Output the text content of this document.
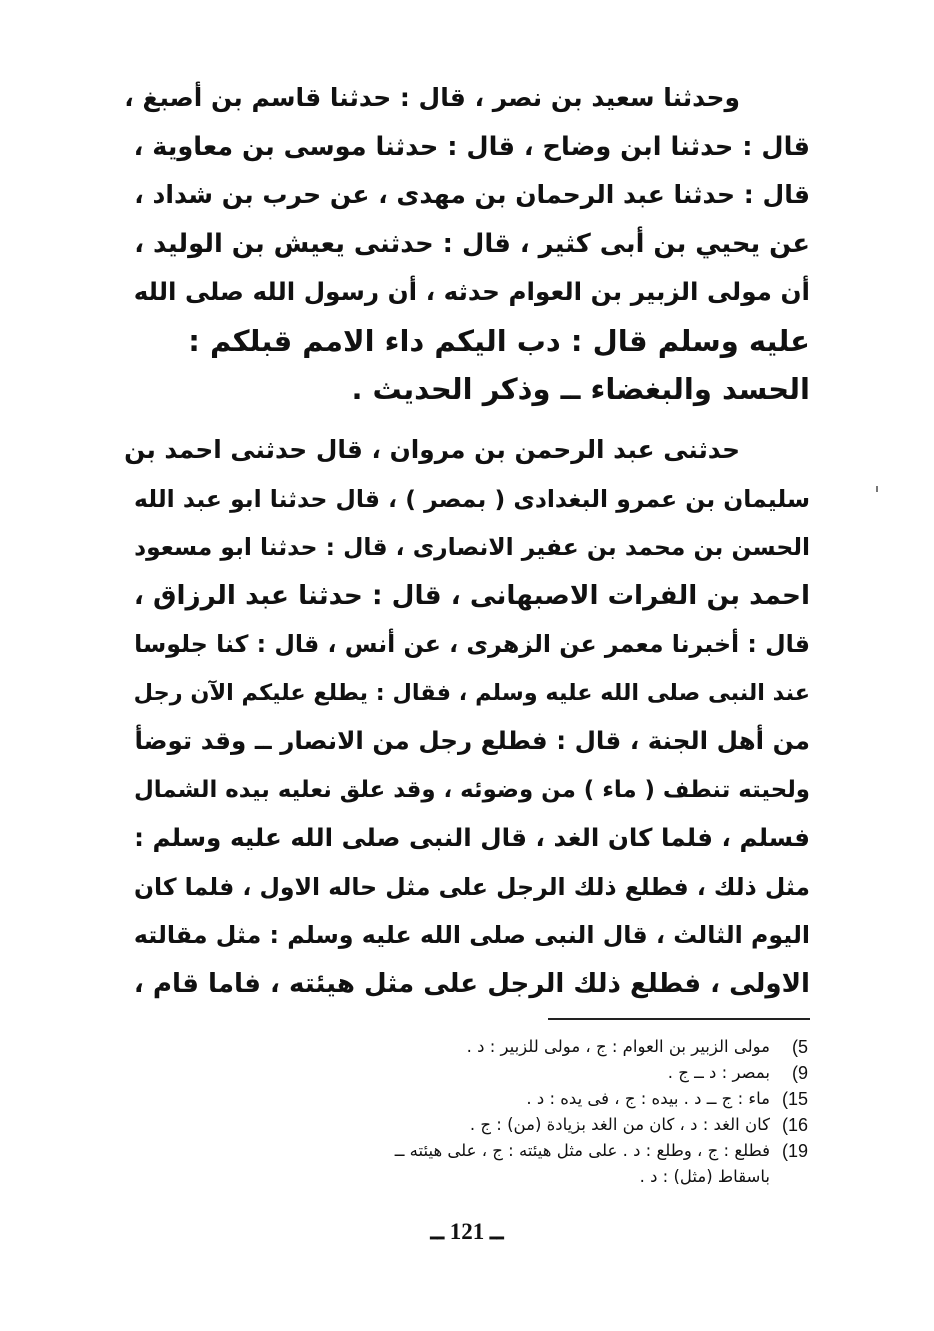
وحدثنا سعيد بن نصر ، قال : حدثنا قاسم بن أصبغ ،
قال : حدثنا ابن وضاح ، قال : حدثنا موسى بن معاوية ،
قال : حدثنا عبد الرحمان بن مهدى ، عن حرب بن شداد ،
عن يحيي بن أبى كثير ، قال : حدثنى يعيش بن الوليد ،
أن مولى الزبير بن العوام حدثه ، أن رسول الله صلى الله
عليه وسلم قال : دب اليكم داء الامم قبلكم :
الحسد والبغضاء ــ وذكر الحديث .
حدثنى عبد الرحمن بن مروان ، قال حدثنى احمد بن
سليمان بن عمرو البغدادى ( بمصر ) ، قال حدثنا ابو عبد الله
الحسن بن محمد بن عفير الانصارى ، قال : حدثنا ابو مسعود
احمد بن الفرات الاصبهانى ، قال : حدثنا عبد الرزاق ،
قال : أخبرنا معمر عن الزهرى ، عن أنس ، قال : كنا جلوسا
عند النبى صلى الله عليه وسلم ، فقال : يطلع عليكم الآن رجل
من أهل الجنة ، قال : فطلع رجل من الانصار ــ وقد توضأ
ولحيته تنطف ( ماء ) من وضوئه ، وقد علق نعليه بيده الشمال
فسلم ، فلما كان الغد ، قال النبى صلى الله عليه وسلم :
مثل ذلك ، فطلع ذلك الرجل على مثل حاله الاول ، فلما كان
اليوم الثالث ، قال النبى صلى الله عليه وسلم : مثل مقالته
الاولى ، فطلع ذلك الرجل على مثل هيئته ، فاما قام ،
5)
مولى الزبير بن العوام : ج ، مولى للزبير : د .
9)
بمصر : د ــ ج .
15)
ماء : ج ــ د . بيده : ج ، فى يده : د .
16)
كان الغد : د ، كان من الغد بزيادة (من) : ج .
19)
فطلع : ج ، وطلع : د . على مثل هيئته : ج ، على هيئته ــ
باسقاط (مثل) : د .
ــ 121 ــ
